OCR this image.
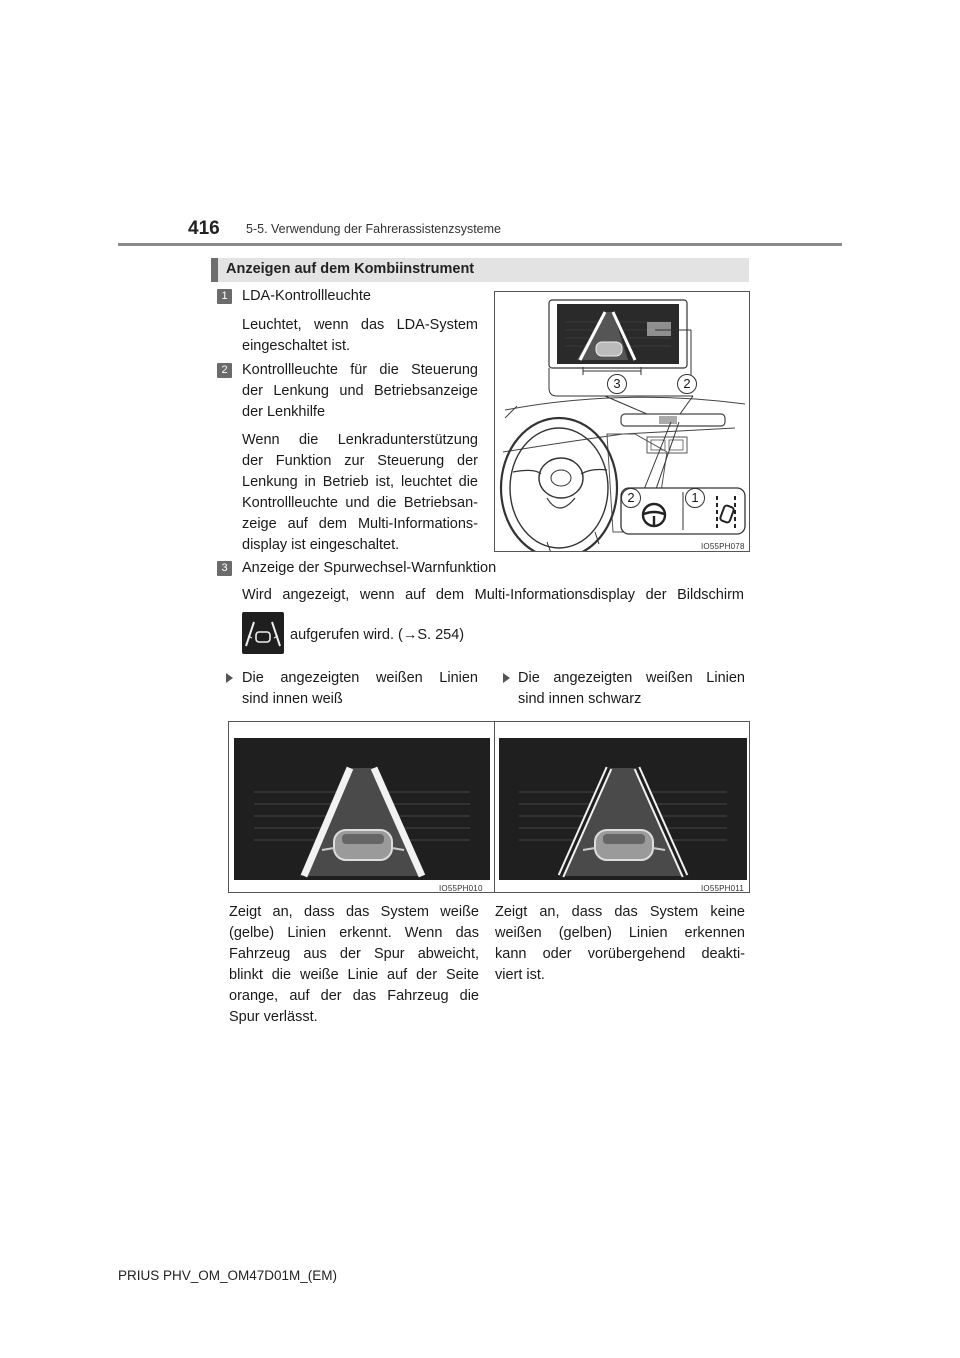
416 5-5. Verwendung der Fahrerassistenzsysteme
Anzeigen auf dem Kombiinstrument
1 LDA-Kontrollleuchte
Leuchtet, wenn das LDA-System
eingeschaltet ist.
2 Kontrollleuchte für die Steuerung
der Lenkung und Betriebsanzeige
der Lenkhilfe
Wenn die Lenkradunterstützung
der Funktion zur Steuerung der
Lenkung in Betrieb ist, leuchtet die
Kontrollleuchte und die Betriebsan-
zeige auf dem Multi-Informations-
display ist eingeschaltet.
3	2
2	1
IO55PH078
3 Anzeige der Spurwechsel-Warnfunktion
Wird angezeigt, wenn auf dem Multi-Informationsdisplay der Bildschirm
aufgerufen wird. (→S. 254)
Die angezeigten weißen Linien
sind innen weiß
Die angezeigten weißen Linien
sind innen schwarz
IO55PH010	IO55PH011
Zeigt an, dass das System weiße
(gelbe) Linien erkennt. Wenn das
Fahrzeug aus der Spur abweicht,
blinkt die weiße Linie auf der Seite
orange, auf der das Fahrzeug die
Spur verlässt.
Zeigt an, dass das System keine
weißen (gelben) Linien erkennen
kann oder vorübergehend deakti-
viert ist.
PRIUS PHV_OM_OM47D01M_(EM)
